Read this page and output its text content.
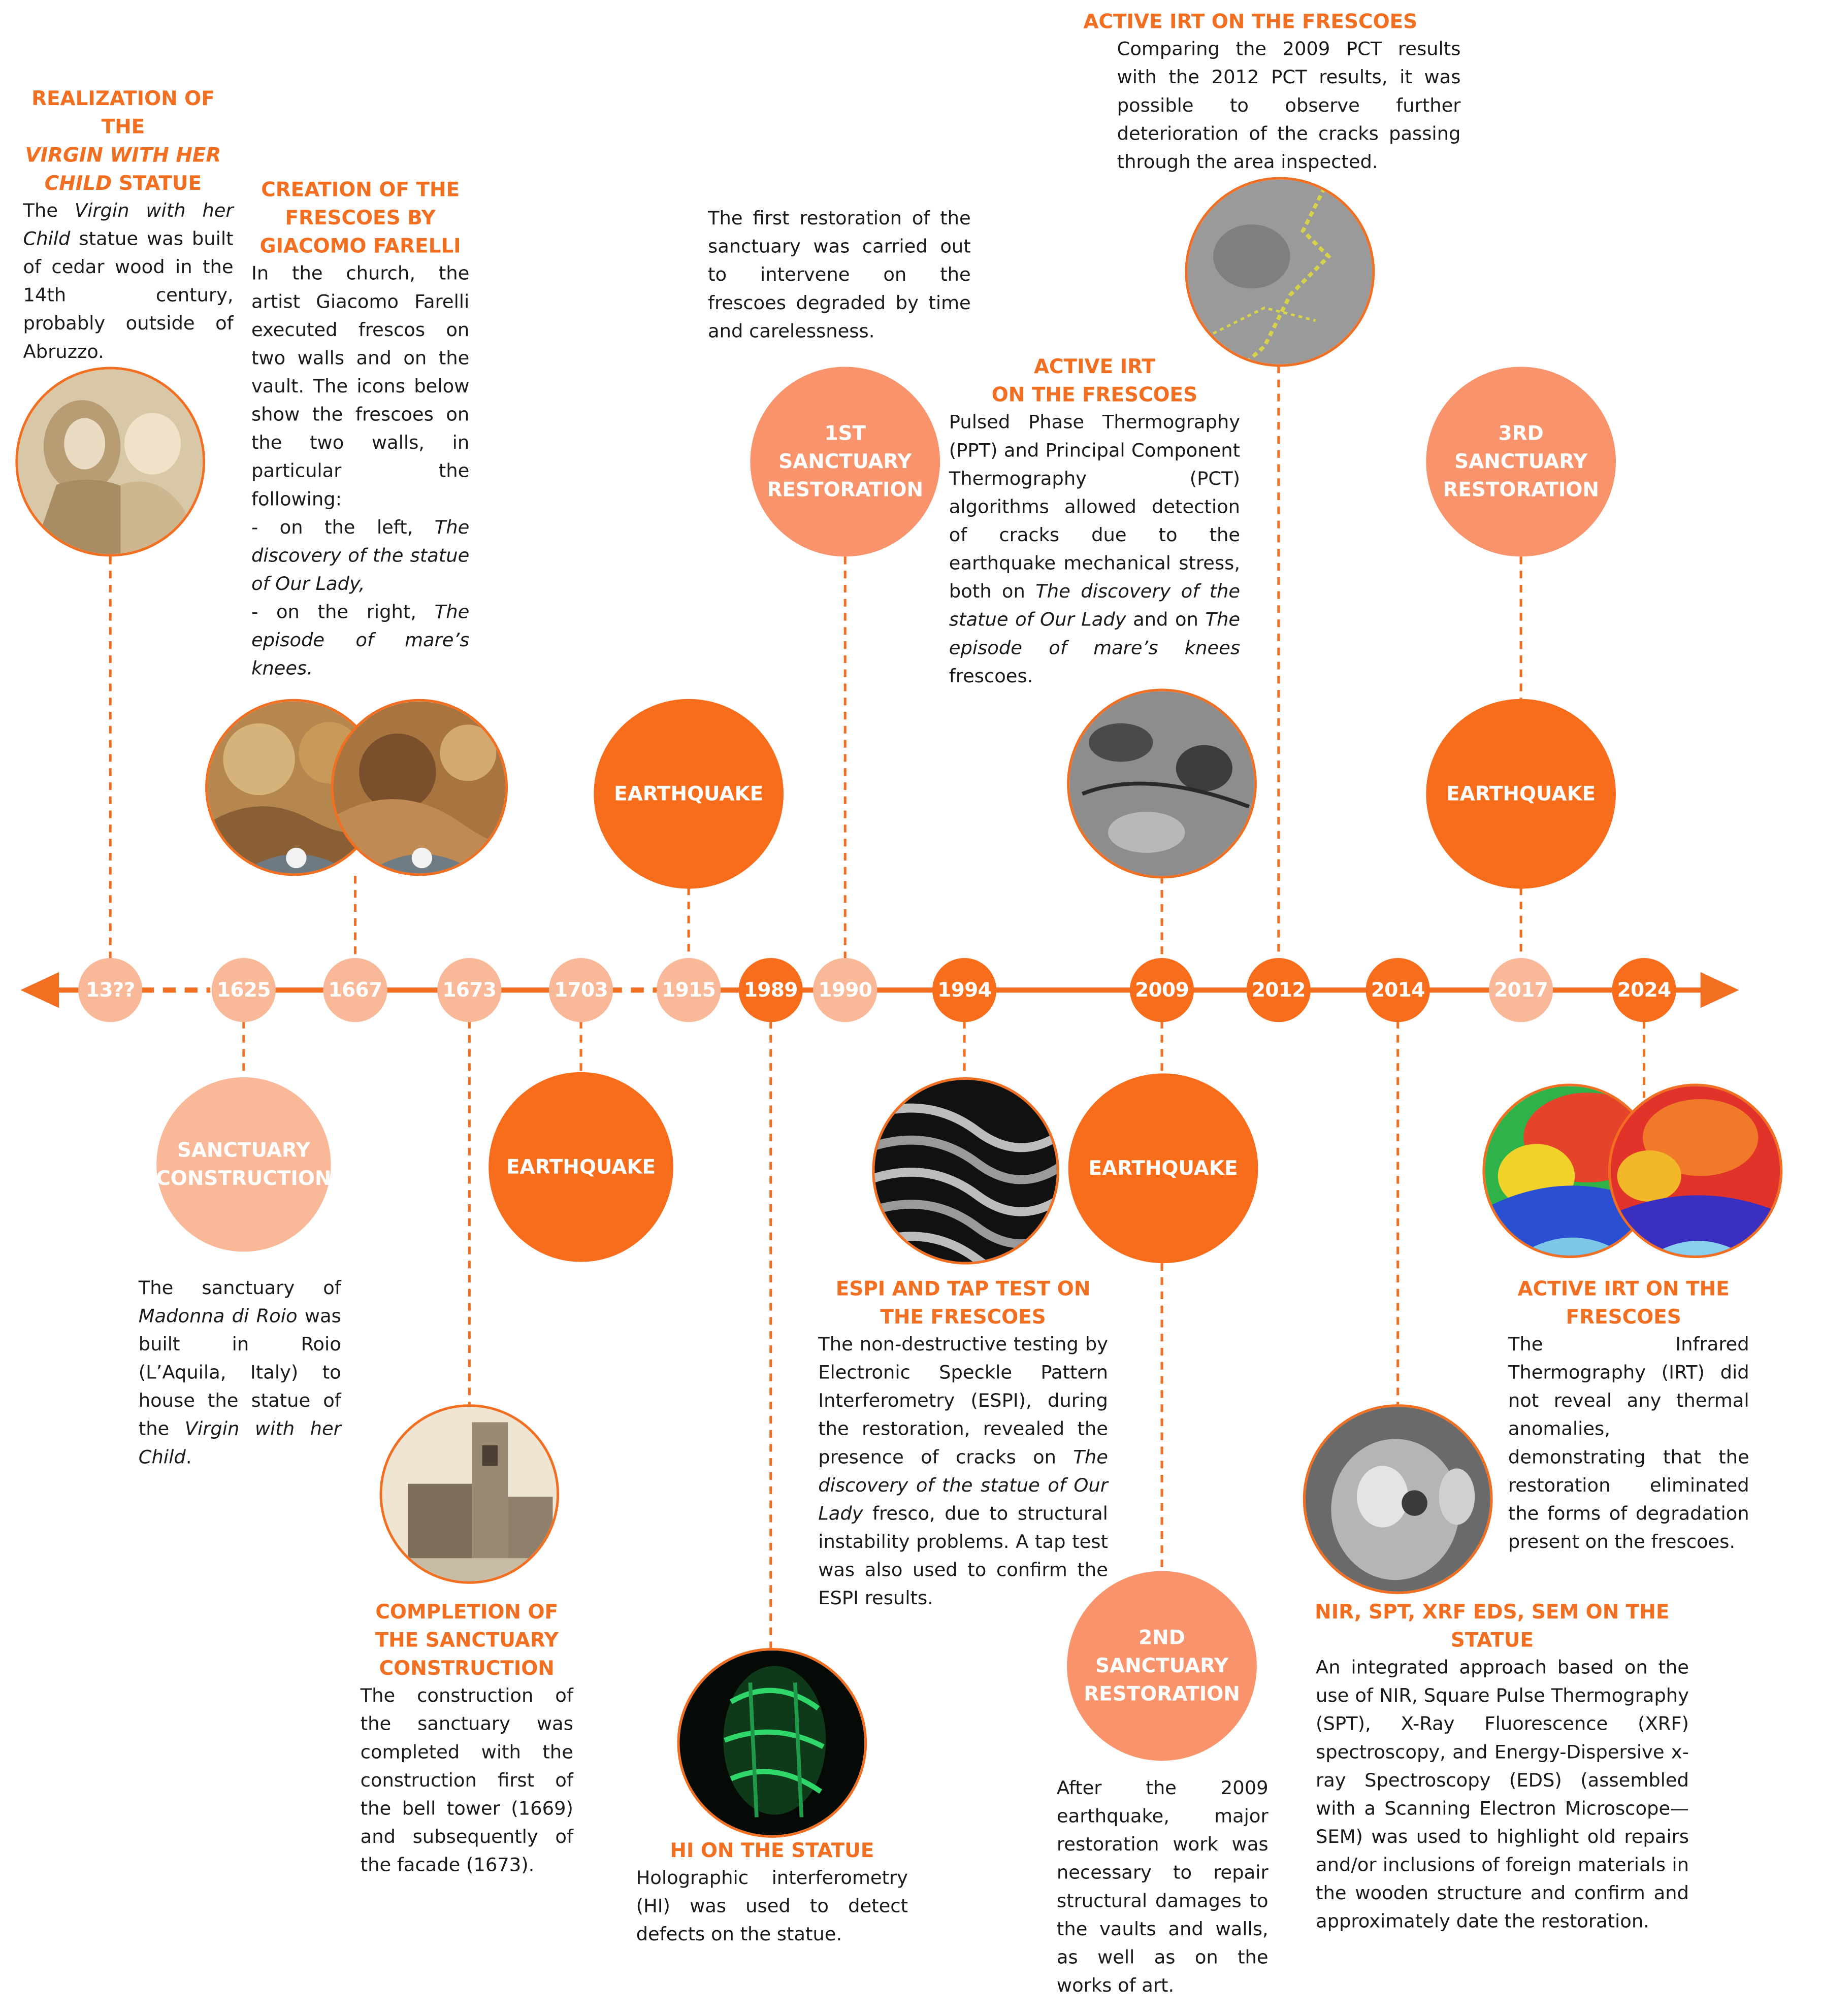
13??	1625	1667	1673	1703	1915	1989	1990	1994	2009	2012	2014	2017	2024
SANCTUARY CONSTRUCTION	EARTHQUAKE
EARTHQUAKE
1ST SANCTUARY RESTORATION
EARTHQUAKE
2ND SANCTUARY RESTORATION
EARTHQUAKE
3RD SANCTUARY RESTORATION
REALIZATION OF THE
VIRGIN WITH HER
CHILD STATUE
The Virgin with her Child statue was built of cedar wood in the 14th century, probably outside of Abruzzo.
CREATION OF THE FRESCOES BY GIACOMO FARELLI
In the church, the artist Giacomo Farelli executed frescos on two walls and on the vault. The icons below show the frescoes on the two walls, in particular the following:
- on the left, The discovery of the statue of Our Lady,
- on the right, The episode of mare’s knees.
The sanctuary of Madonna di Roio was built in Roio (L’Aquila, Italy) to house the statue of the Virgin with her Child.
COMPLETION OF THE SANCTUARY CONSTRUCTION
The construction of the sanctuary was completed with the construction first of the bell tower (1669) and subsequently of the facade (1673).
HI ON THE STATUE
Holographic interferometry (HI) was used to detect defects on the statue.
The first restoration of the sanctuary was carried out to intervene on the frescoes degraded by time and carelessness.
ESPI AND TAP TEST ON THE FRESCOES
The non-destructive testing by Electronic Speckle Pattern Interferometry (ESPI), during the restoration, revealed the presence of cracks on The discovery of the statue of Our Lady fresco, due to structural instability problems. A tap test was also used to confirm the ESPI results.
ACTIVE IRT
ON THE FRESCOES
Pulsed Phase Thermography (PPT) and Principal Component Thermography (PCT) algorithms allowed detection of cracks due to the earthquake mechanical stress, both on The discovery of the statue of Our Lady and on The episode of mare’s knees frescoes.
After the 2009 earthquake, major restoration work was necessary to repair structural damages to the vaults and walls, as well as on the works of art.
ACTIVE IRT ON THE FRESCOES
Comparing the 2009 PCT results with the 2012 PCT results, it was possible to observe further deterioration of the cracks passing through the area inspected.
NIR, SPT, XRF EDS, SEM ON THE STATUE
An integrated approach based on the use of NIR, Square Pulse Thermography (SPT), X-Ray Fluorescence (XRF) spectroscopy, and Energy-Dispersive x-ray Spectroscopy (EDS) (assembled with a Scanning Electron Microscope—SEM) was used to highlight old repairs and/or inclusions of foreign materials in the wooden structure and confirm and approximately date the restoration.
ACTIVE IRT ON THE FRESCOES
The Infrared Thermography (IRT) did not reveal any thermal anomalies, demonstrating that the restoration eliminated the forms of degradation present on the frescoes.
